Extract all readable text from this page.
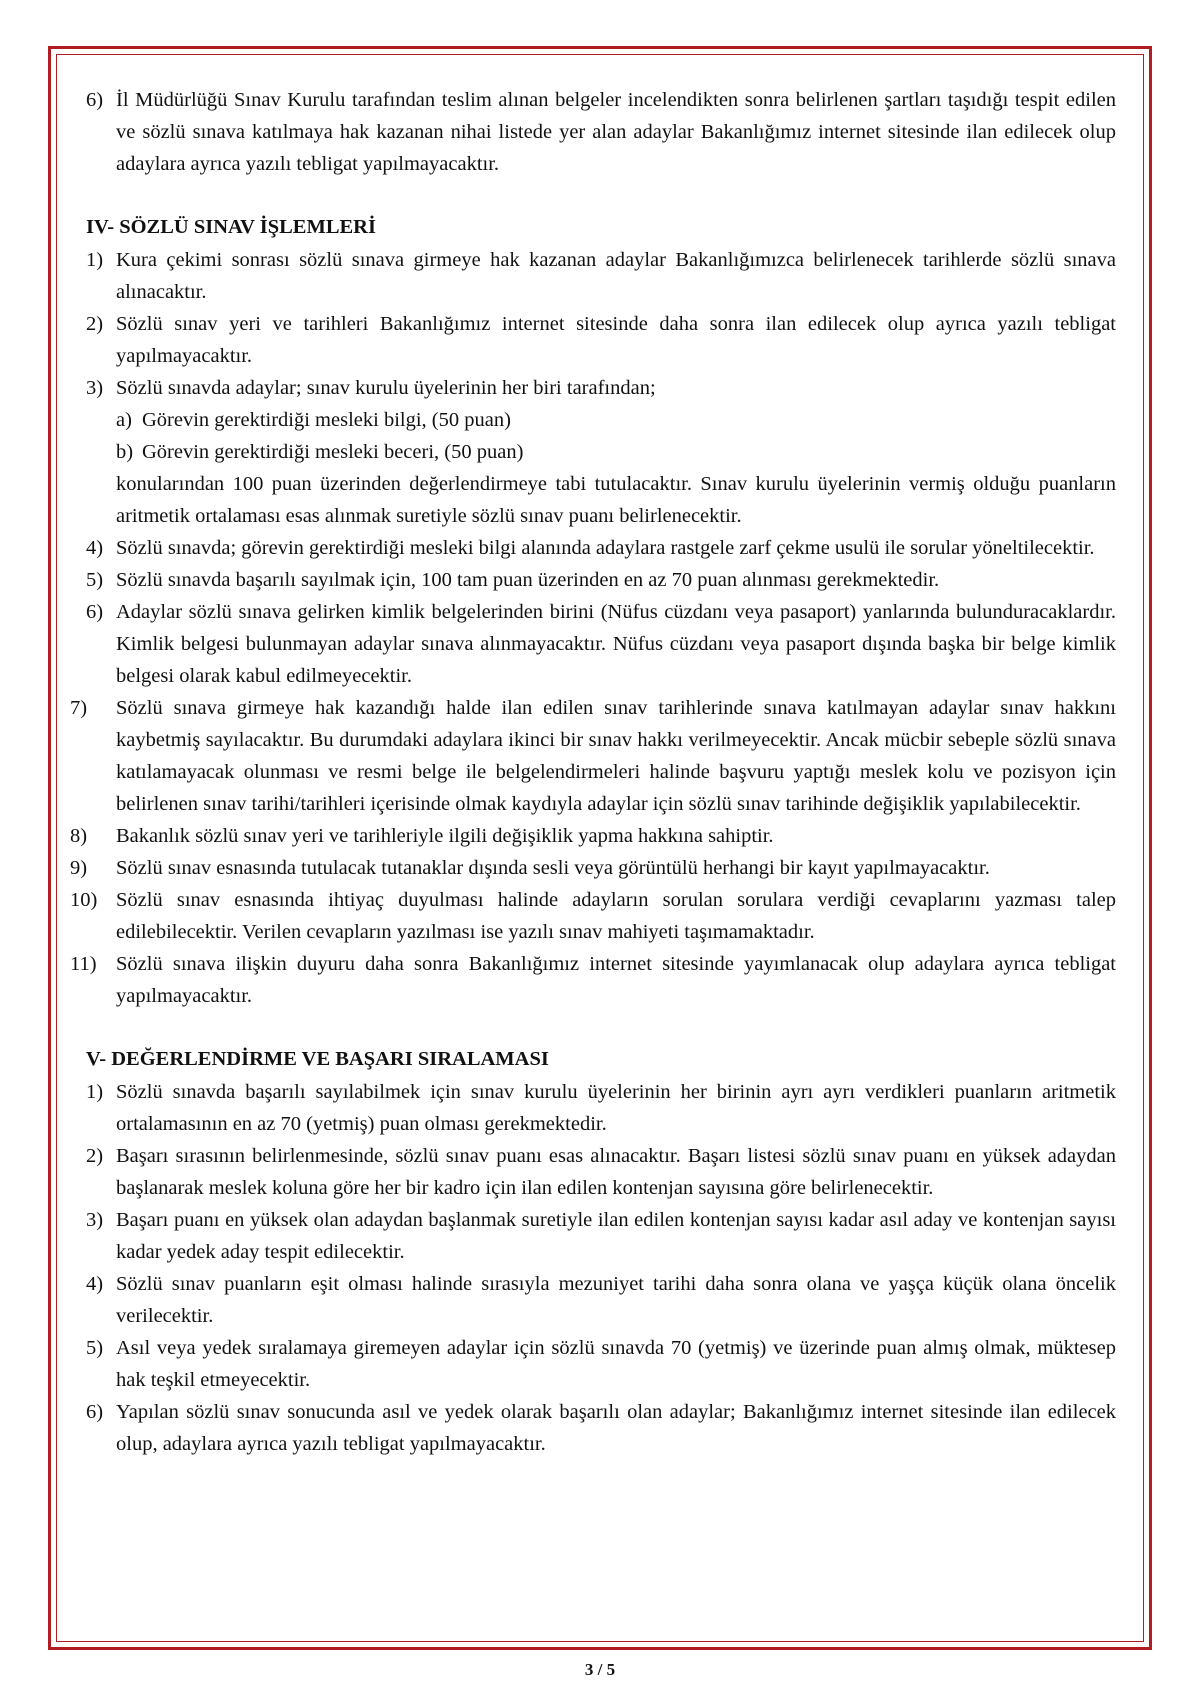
6) İl Müdürlüğü Sınav Kurulu tarafından teslim alınan belgeler incelendikten sonra belirlenen şartları taşıdığı tespit edilen ve sözlü sınava katılmaya hak kazanan nihai listede yer alan adaylar Bakanlığımız internet sitesinde ilan edilecek olup adaylara ayrıca yazılı tebligat yapılmayacaktır.
IV- SÖZLÜ SINAV İŞLEMLERİ
1) Kura çekimi sonrası sözlü sınava girmeye hak kazanan adaylar Bakanlığımızca belirlenecek tarihlerde sözlü sınava alınacaktır.
2) Sözlü sınav yeri ve tarihleri Bakanlığımız internet sitesinde daha sonra ilan edilecek olup ayrıca yazılı tebligat yapılmayacaktır.
3) Sözlü sınavda adaylar; sınav kurulu üyelerinin her biri tarafından;
a) Görevin gerektirdiği mesleki bilgi, (50 puan)
b) Görevin gerektirdiği mesleki beceri, (50 puan)
konularından 100 puan üzerinden değerlendirmeye tabi tutulacaktır. Sınav kurulu üyelerinin vermiş olduğu puanların aritmetik ortalaması esas alınmak suretiyle sözlü sınav puanı belirlenecektir.
4) Sözlü sınavda; görevin gerektirdiği mesleki bilgi alanında adaylara rastgele zarf çekme usulü ile sorular yöneltilecektir.
5) Sözlü sınavda başarılı sayılmak için, 100 tam puan üzerinden en az 70 puan alınması gerekmektedir.
6) Adaylar sözlü sınava gelirken kimlik belgelerinden birini (Nüfus cüzdanı veya pasaport) yanlarında bulunduracaklardır. Kimlik belgesi bulunmayan adaylar sınava alınmayacaktır. Nüfus cüzdanı veya pasaport dışında başka bir belge kimlik belgesi olarak kabul edilmeyecektir.
7)	Sözlü sınava girmeye hak kazandığı halde ilan edilen sınav tarihlerinde sınava katılmayan adaylar sınav hakkını kaybetmiş sayılacaktır. Bu durumdaki adaylara ikinci bir sınav hakkı verilmeyecektir. Ancak mücbir sebeple sözlü sınava katılamayacak olunması ve resmi belge ile belgelendirmeleri halinde başvuru yaptığı meslek kolu ve pozisyon için belirlenen sınav tarihi/tarihleri içerisinde olmak kaydıyla adaylar için sözlü sınav tarihinde değişiklik yapılabilecektir.
8)	Bakanlık sözlü sınav yeri ve tarihleriyle ilgili değişiklik yapma hakkına sahiptir.
9)	Sözlü sınav esnasında tutulacak tutanaklar dışında sesli veya görüntülü herhangi bir kayıt yapılmayacaktır.
10) Sözlü sınav esnasında ihtiyaç duyulması halinde adayların sorulan sorulara verdiği cevaplarını yazması talep edilebilecektir. Verilen cevapların yazılması ise yazılı sınav mahiyeti taşımamaktadır.
11) Sözlü sınava ilişkin duyuru daha sonra Bakanlığımız internet sitesinde yayımlanacak olup adaylara ayrıca tebligat yapılmayacaktır.
V- DEĞERLENDİRME VE BAŞARI SIRALAMASI
1) Sözlü sınavda başarılı sayılabilmek için sınav kurulu üyelerinin her birinin ayrı ayrı verdikleri puanların aritmetik ortalamasının en az 70 (yetmiş) puan olması gerekmektedir.
2) Başarı sırasının belirlenmesinde, sözlü sınav puanı esas alınacaktır. Başarı listesi sözlü sınav puanı en yüksek adaydan başlanarak meslek koluna göre her bir kadro için ilan edilen kontenjan sayısına göre belirlenecektir.
3) Başarı puanı en yüksek olan adaydan başlanmak suretiyle ilan edilen kontenjan sayısı kadar asıl aday ve kontenjan sayısı kadar yedek aday tespit edilecektir.
4) Sözlü sınav puanların eşit olması halinde sırasıyla mezuniyet tarihi daha sonra olana ve yaşça küçük olana öncelik verilecektir.
5) Asıl veya yedek sıralamaya giremeyen adaylar için sözlü sınavda 70 (yetmiş) ve üzerinde puan almış olmak, müktesep hak teşkil etmeyecektir.
6) Yapılan sözlü sınav sonucunda asıl ve yedek olarak başarılı olan adaylar; Bakanlığımız internet sitesinde ilan edilecek olup, adaylara ayrıca yazılı tebligat yapılmayacaktır.
3 / 5
